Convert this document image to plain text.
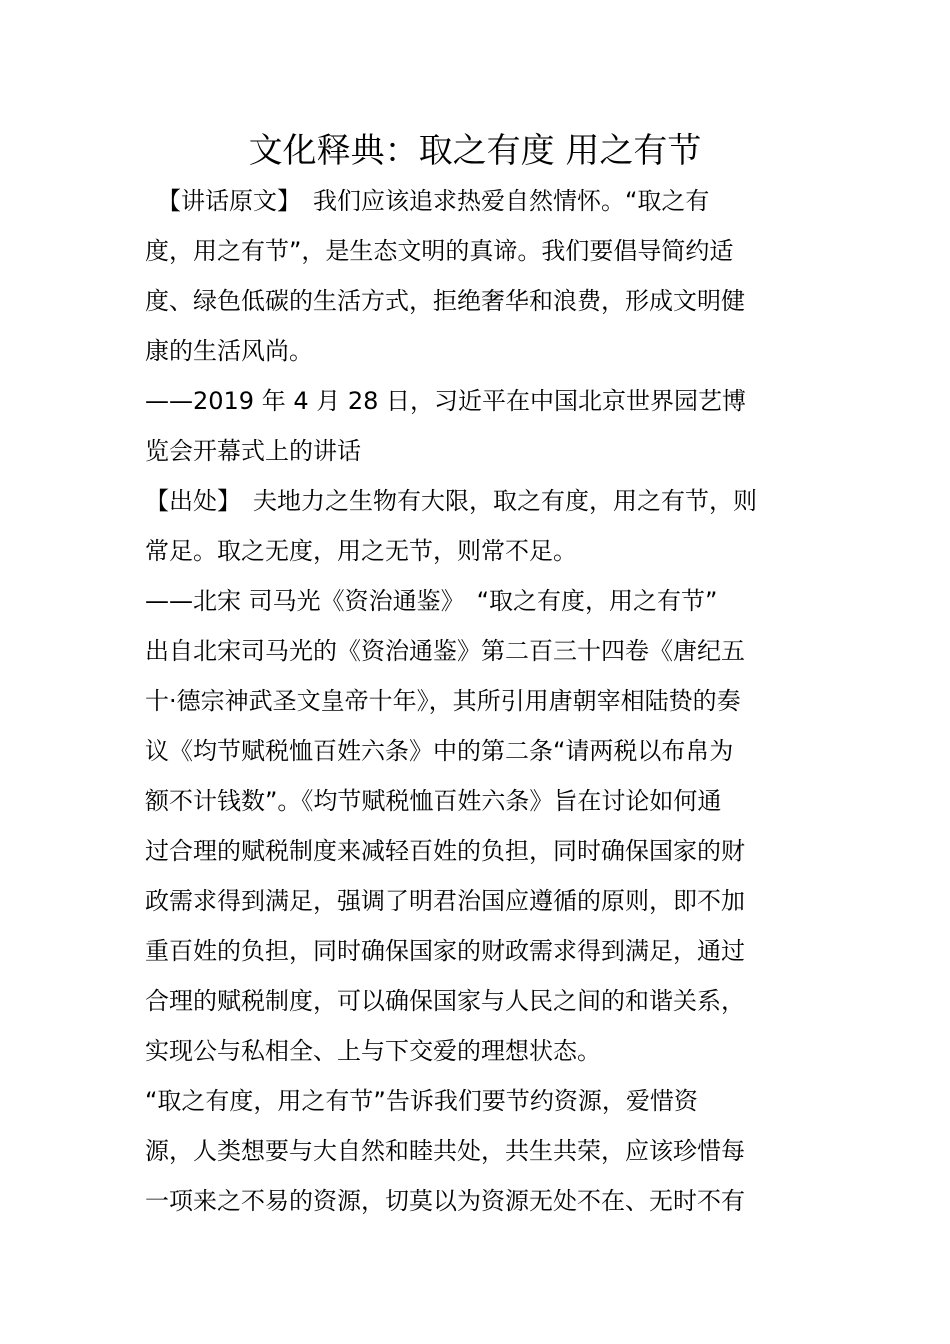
文化释典：取之有度 用之有节
　【讲话原文】　我们应该追求热爱自然情怀。“取之有
度，用之有节”，是生态文明的真谛。我们要倡导简约适
度、绿色低碳的生活方式，拒绝奢华和浪费，形成文明健
康的生活风尚。
——2019 年 4 月 28 日，习近平在中国北京世界园艺博
览会开幕式上的讲话
【出处】　夫地力之生物有大限，取之有度，用之有节，则
常足。取之无度，用之无节，则常不足。
——北宋 司马光《资治通鉴》　“取之有度，用之有节”
出自北宋司马光的《资治通鉴》第二百三十四卷《唐纪五
十·德宗神武圣文皇帝十年》，其所引用唐朝宰相陆贽的奏
议《均节赋税恤百姓六条》中的第二条“请两税以布帛为
额不计钱数”。《均节赋税恤百姓六条》旨在讨论如何通
过合理的赋税制度来减轻百姓的负担，同时确保国家的财
政需求得到满足，强调了明君治国应遵循的原则，即不加
重百姓的负担，同时确保国家的财政需求得到满足，通过
合理的赋税制度，可以确保国家与人民之间的和谐关系，
实现公与私相全、上与下交爱的理想状态。
“取之有度，用之有节”告诉我们要节约资源，爱惜资
源，人类想要与大自然和睦共处，共生共荣，应该珍惜每
一项来之不易的资源，切莫以为资源无处不在、无时不有
